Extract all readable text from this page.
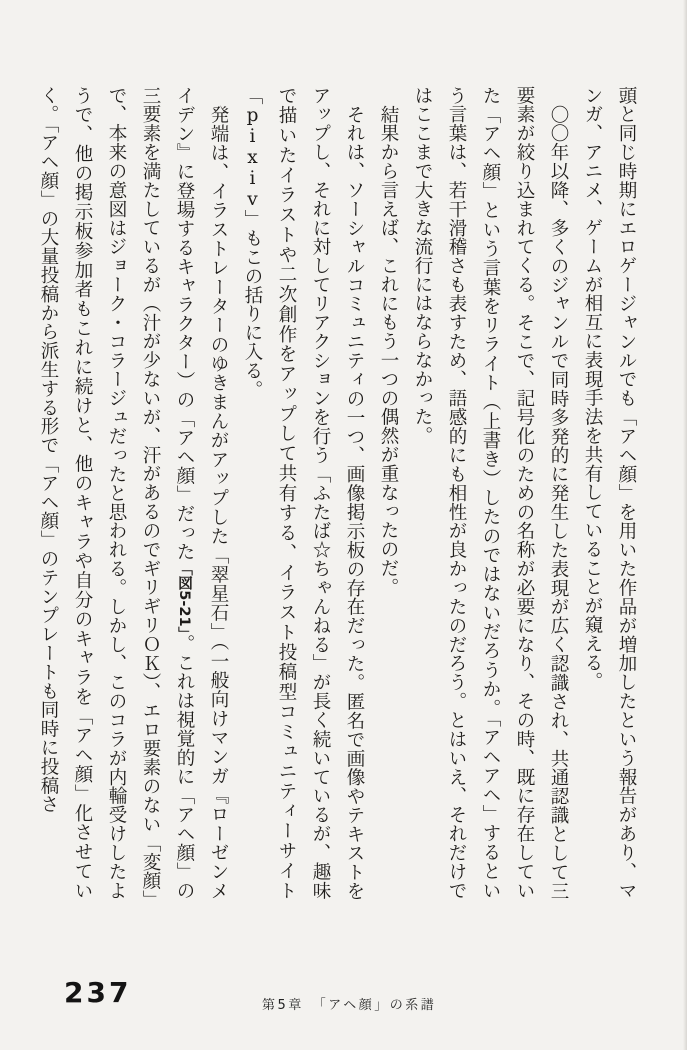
頭と同じ時期にエロゲージャンルでも「アヘ顔」を用いた作品が増加したという報告があり、マンガ、アニメ、ゲームが相互に表現手法を共有していることが窺える。

〇〇年以降、多くのジャンルで同時多発的に発生した表現が広く認識され、共通認識として三要素が絞り込まれてくる。そこで、記号化のための名称が必要になり、その時、既に存在していた「アヘ顔」という言葉をリライト（上書き）したのではないだろうか。「アヘアヘ」するという言葉は、若干滑稽さも表すため、語感的にも相性が良かったのだろう。とはいえ、それだけではここまで大きな流行にはならなかった。

結果から言えば、これにもう一つの偶然が重なったのだ。

それは、ソーシャルコミュニティの一つ、画像掲示板の存在だった。匿名で画像やテキストをアップし、それに対してリアクションを行う「ふたば☆ちゃんねる」が長く続いているが、趣味で描いたイラストや二次創作をアップして共有する、イラスト投稿型コミュニティーサイト「pixiv」もこの括りに入る。

発端は、イラストレーターのゆきまんがアップした「翠星石」（一般向けマンガ『ローゼンメイデン』に登場するキャラクター）の「アヘ顔」だった「図5-21」。これは視覚的に「アヘ顔」の三要素を満たしているが（汁が少ないが、汗があるのでギリギリＯＫ）、エロ要素のない「変顔」で、本来の意図はジョーク・コラージュだったと思われる。しかし、このコラが内輪受けしたようで、他の掲示板参加者もこれに続けと、他のキャラや自分のキャラを「アヘ顔」化させていく。「アヘ顔」の大量投稿から派生する形で「アヘ顔」のテンプレートも同時に投稿さ

237	第5章　「アヘ顔」の系譜
